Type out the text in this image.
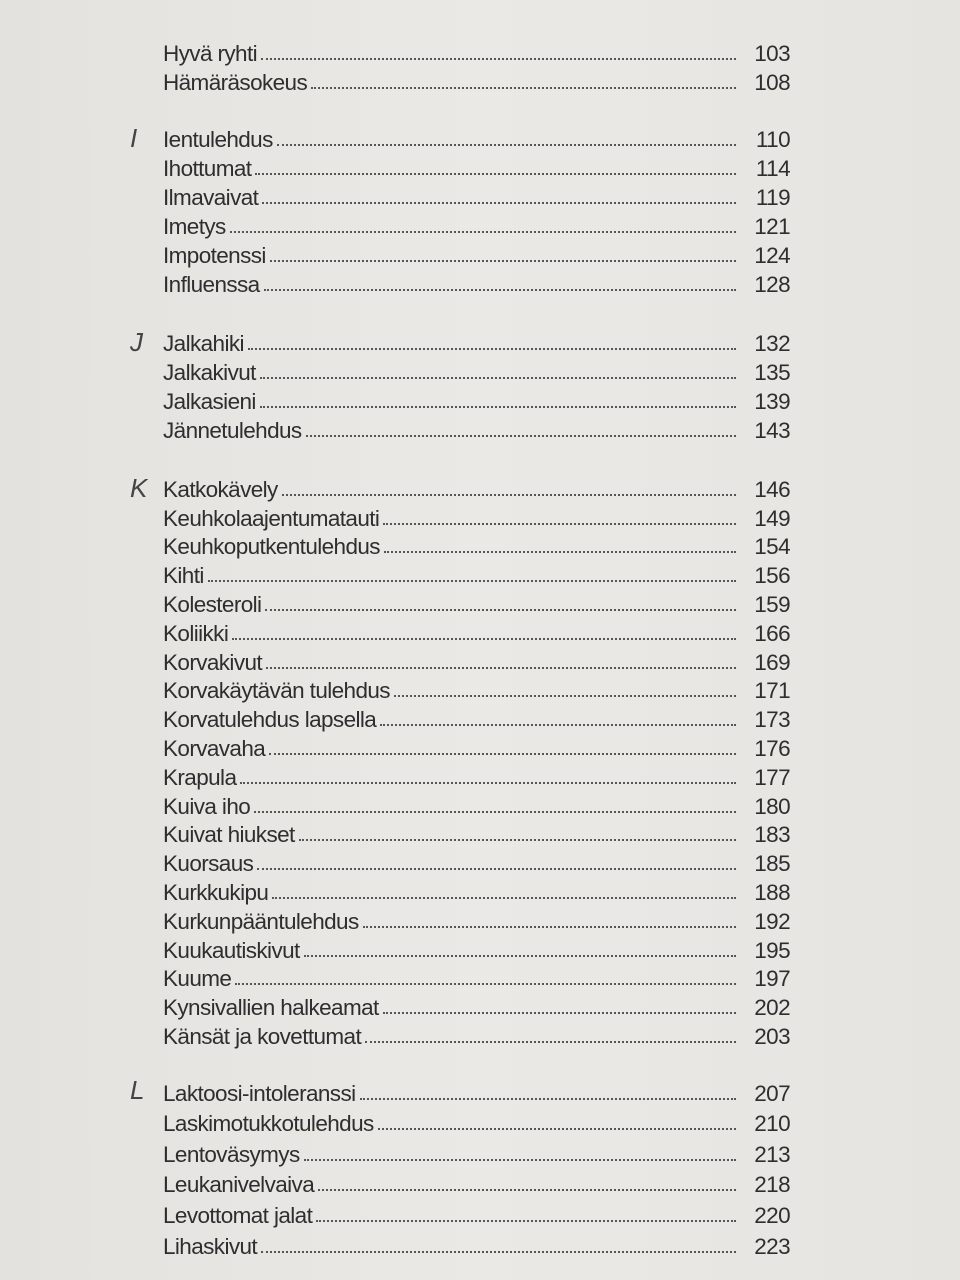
Hyvä ryhti	103
Hämäräsokeus	108
I Ientulehdus	110
Ihottumat	114
Ilmavaivat	119
Imetys	121
Impotenssi	124
Influenssa	128
J Jalkahiki	132
Jalkakivut	135
Jalkasieni	139
Jännetulehdus	143
K Katkokävely	146
Keuhkolaajentumatauti	149
Keuhkoputkentulehdus	154
Kihti	156
Kolesteroli	159
Koliikki	166
Korvakivut	169
Korvakäytävän tulehdus	171
Korvatulehdus lapsella	173
Korvavaha	176
Krapula	177
Kuiva iho	180
Kuivat hiukset	183
Kuorsaus	185
Kurkkukipu	188
Kurkunpääntulehdus	192
Kuukautiskivut	195
Kuume	197
Kynsivallien halkeamat	202
Känsät ja kovettumat	203
L Laktoosi-intoleranssi	207
Laskimotukkotulehdus	210
Lentoväsymys	213
Leukanivelvaiva	218
Levottomat jalat	220
Lihaskivut	223
